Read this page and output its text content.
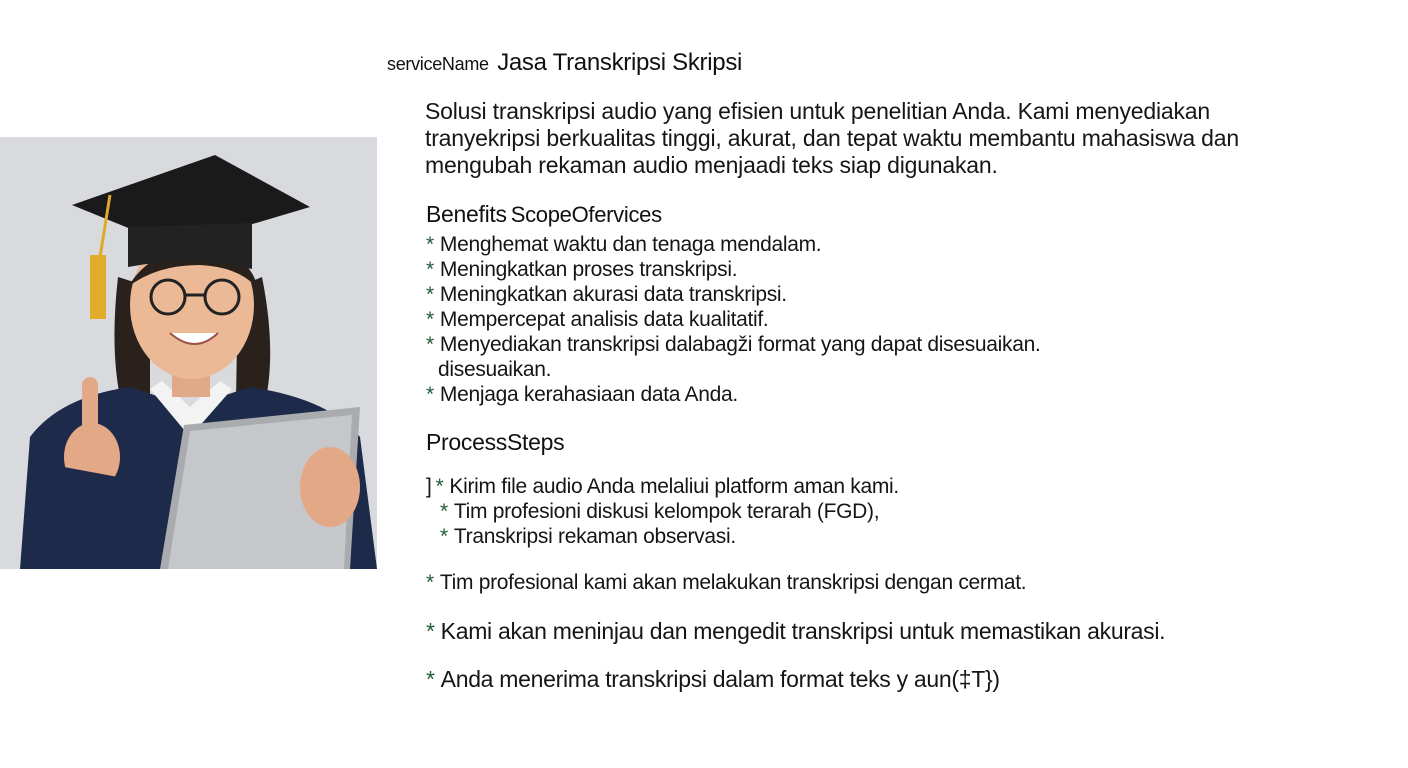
serviceName Jasa Transkripsi Skripsi

Solusi transkripsi audio yang efisien untuk penelitian Anda. Kami menyediakan
tranyekripsi berkualitas tinggi, akurat, dan tepat waktu membantu mahasiswa dan
mengubah rekaman audio menjaadi teks siap digunakan.

Benefits ScopeOfervices
* Menghemat waktu dan tenaga mendalam.
* Meningkatkan proses transkripsi.
* Meningkatkan akurasi data transkripsi.
* Mempercepat analisis data kualitatif.
* Menyediakan transkripsi dalabagži format yang dapat disesuaikan.
disesuaikan.
* Menjaga kerahasiaan data Anda.
ProcessSteps
] * Kirim file audio Anda melaliui platform aman kami.
* Tim profesioni diskusi kelompok terarah (FGD),
* Transkripsi rekaman observasi.
* Tim profesional kami akan melakukan transkripsi dengan cermat.
* Kami akan meninjau dan mengedit transkripsi untuk memastikan akurasi.
* Anda menerima transkripsi dalam format teks y aun(‡T})
